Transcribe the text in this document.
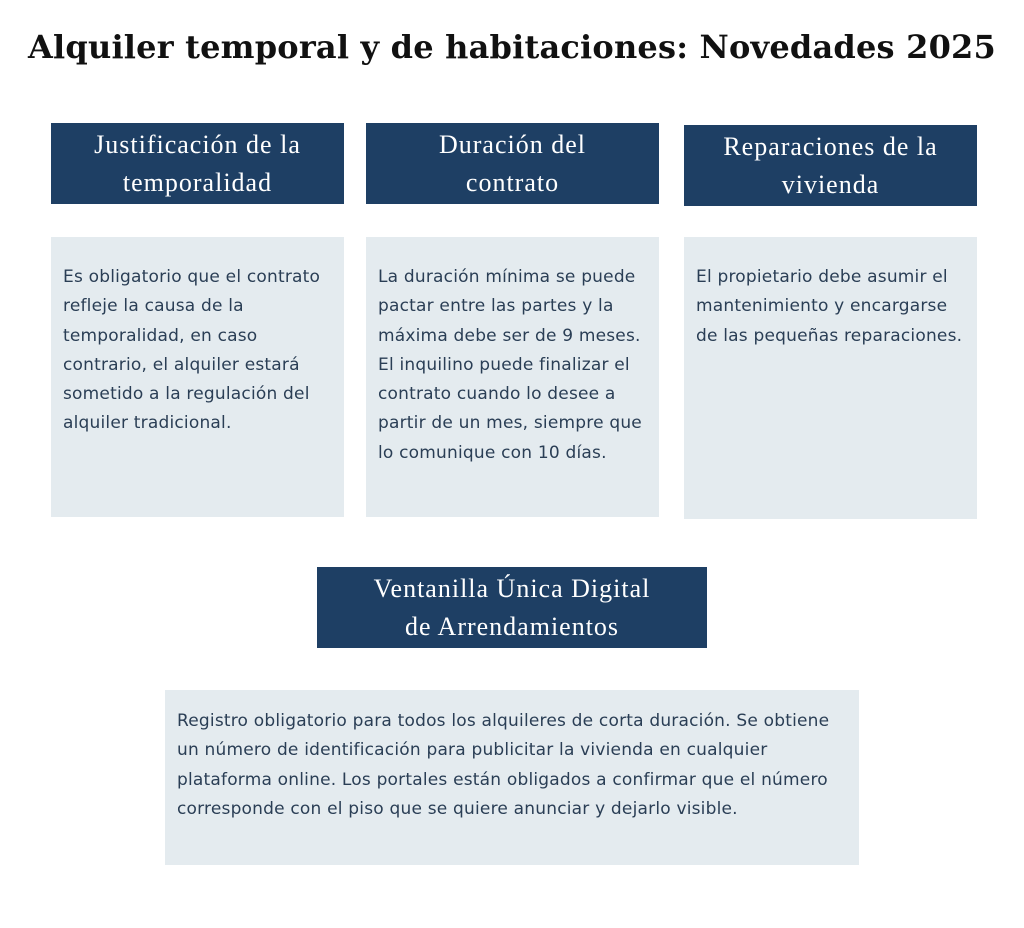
Alquiler temporal y de habitaciones: Novedades 2025
Justificación de la temporalidad
Es obligatorio que el contrato refleje la causa de la temporalidad, en caso contrario, el alquiler estará sometido a la regulación del alquiler tradicional.
Duración del contrato
La duración mínima se puede pactar entre las partes y la máxima debe ser de 9 meses. El inquilino puede finalizar el contrato cuando lo desee a partir de un mes, siempre que lo comunique con 10 días.
Reparaciones de la vivienda
El propietario debe asumir el mantenimiento y encargarse de las pequeñas reparaciones.
Ventanilla Única Digital de Arrendamientos
Registro obligatorio para todos los alquileres de corta duración. Se obtiene un número de identificación para publicitar la vivienda en cualquier plataforma online. Los portales están obligados a confirmar que el número corresponde con el piso que se quiere anunciar y dejarlo visible.
